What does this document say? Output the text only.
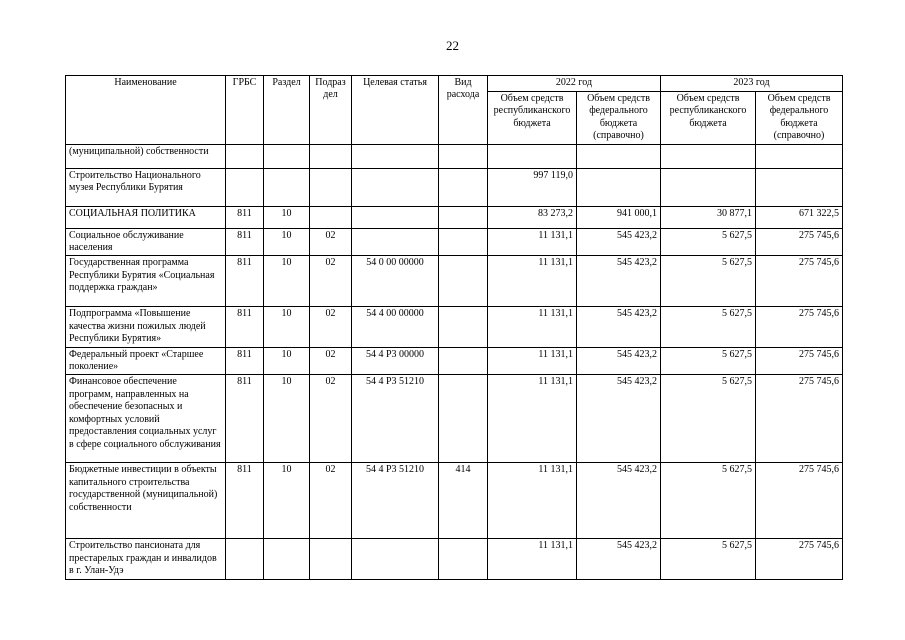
22
Наименование	ГРБС	Раздел	Подраз дел	Целевая статья	Вид расхода	2022 год		2023 год	
						Объем средств республиканского бюджета	Объем средств федерального бюджета (справочно)	Объем средств республиканского бюджета	Объем средств федерального бюджета (справочно)
(муниципальной) собственности									
Строительство Национального музея Республики Бурятия						997 119,0			
СОЦИАЛЬНАЯ ПОЛИТИКА	811	10				83 273,2	941 000,1	30 877,1	671 322,5
Социальное обслуживание населения	811	10	02			11 131,1	545 423,2	5 627,5	275 745,6
Государственная программа Республики Бурятия «Социальная поддержка граждан»	811	10	02	54 0 00 00000		11 131,1	545 423,2	5 627,5	275 745,6
Подпрограмма «Повышение качества жизни пожилых людей Республики Бурятия»	811	10	02	54 4 00 00000		11 131,1	545 423,2	5 627,5	275 745,6
Федеральный проект «Старшее поколение»	811	10	02	54 4 P3 00000		11 131,1	545 423,2	5 627,5	275 745,6
Финансовое обеспечение программ, направленных на обеспечение безопасных и комфортных условий предоставления социальных услуг в сфере социального обслуживания	811	10	02	54 4 P3 51210		11 131,1	545 423,2	5 627,5	275 745,6
Бюджетные инвестиции в объекты капитального строительства государственной (муниципальной) собственности	811	10	02	54 4 P3 51210	414	11 131,1	545 423,2	5 627,5	275 745,6
Строительство пансионата для престарелых граждан и инвалидов в г. Улан-Удэ						11 131,1	545 423,2	5 627,5	275 745,6
